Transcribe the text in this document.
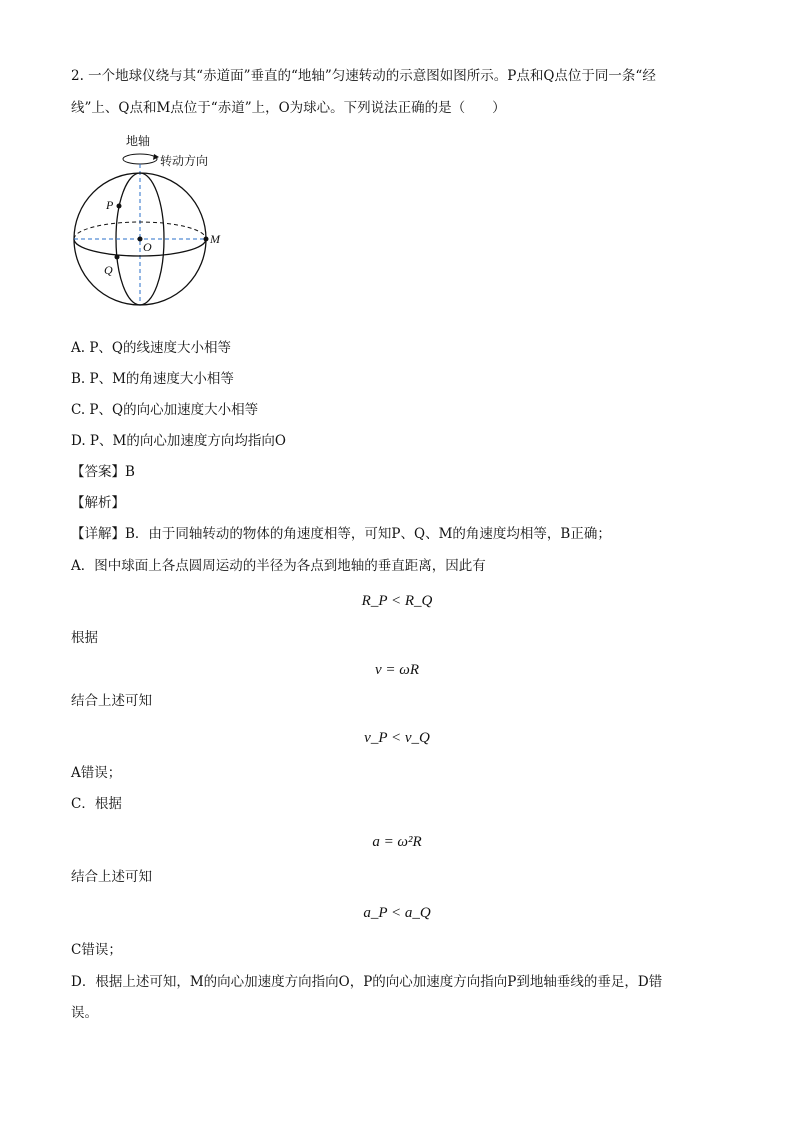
2. 一个地球仪绕与其“赤道面”垂直的“地轴”匀速转动的示意图如图所示。P点和Q点位于同一条“经
线”上、Q点和M点位于“赤道”上，O为球心。下列说法正确的是（　　）
地轴
转动方向
P
O
M
Q
A. P、Q的线速度大小相等
B. P、M的角速度大小相等
C. P、Q的向心加速度大小相等
D. P、M的向心加速度方向均指向O
【答案】B
【解析】
【详解】B．由于同轴转动的物体的角速度相等，可知P、Q、M的角速度均相等，B正确；
A．图中球面上各点圆周运动的半径为各点到地轴的垂直距离，因此有
R_P < R_Q
根据
v = ωR
结合上述可知
v_P < v_Q
A错误；
C．根据
a = ω²R
结合上述可知
a_P < a_Q
C错误；
D．根据上述可知，M的向心加速度方向指向O，P的向心加速度方向指向P到地轴垂线的垂足，D错
误。
